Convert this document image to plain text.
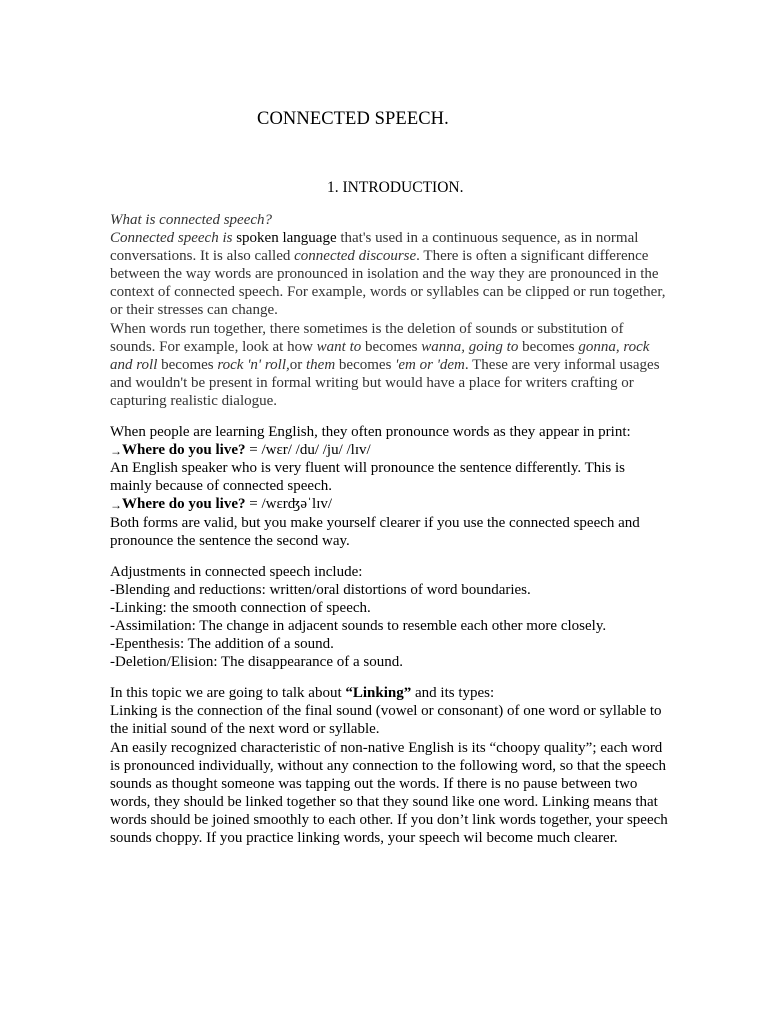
CONNECTED SPEECH.
1. INTRODUCTION.

What is connected speech?

Connected speech is spoken language that's used in a continuous sequence, as in normal conversations. It is also called connected discourse. There is often a significant difference between the way words are pronounced in isolation and the way they are pronounced in the context of connected speech. For example, words or syllables can be clipped or run together, or their stresses can change.

When words run together, there sometimes is the deletion of sounds or substitution of sounds. For example, look at how want to becomes wanna, going to becomes gonna, rock and roll becomes rock 'n' roll,or them becomes 'em or 'dem. These are very informal usages and wouldn't be present in formal writing but would have a place for writers crafting or capturing realistic dialogue.

When people are learning English, they often pronounce words as they appear in print:

→Where do you live? = /wɛr/ /du/ /ju/ /lɪv/

An English speaker who is very fluent will pronounce the sentence differently. This is mainly because of connected speech.

→Where do you live? = /wɛrʤəˈlɪv/

Both forms are valid, but you make yourself clearer if you use the connected speech and pronounce the sentence the second way.

Adjustments in connected speech include:

-Blending and reductions: written/oral distortions of word boundaries.

-Linking: the smooth connection of speech.

-Assimilation: The change in adjacent sounds to resemble each other more closely.

-Epenthesis: The addition of a sound.

-Deletion/Elision: The disappearance of a sound.

In this topic we are going to talk about “Linking” and its types:

Linking is the connection of the final sound (vowel or consonant) of one word or syllable to the initial sound of the next word or syllable.

An easily recognized characteristic of non-native English is its “choopy quality”; each word is pronounced individually, without any connection to the following word, so that the speech sounds as thought someone was tapping out the words. If there is no pause between two words, they should be linked together so that they sound like one word. Linking means that words should be joined smoothly to each other. If you don’t link words together, your speech sounds choppy. If you practice linking words, your speech wil become much clearer.
